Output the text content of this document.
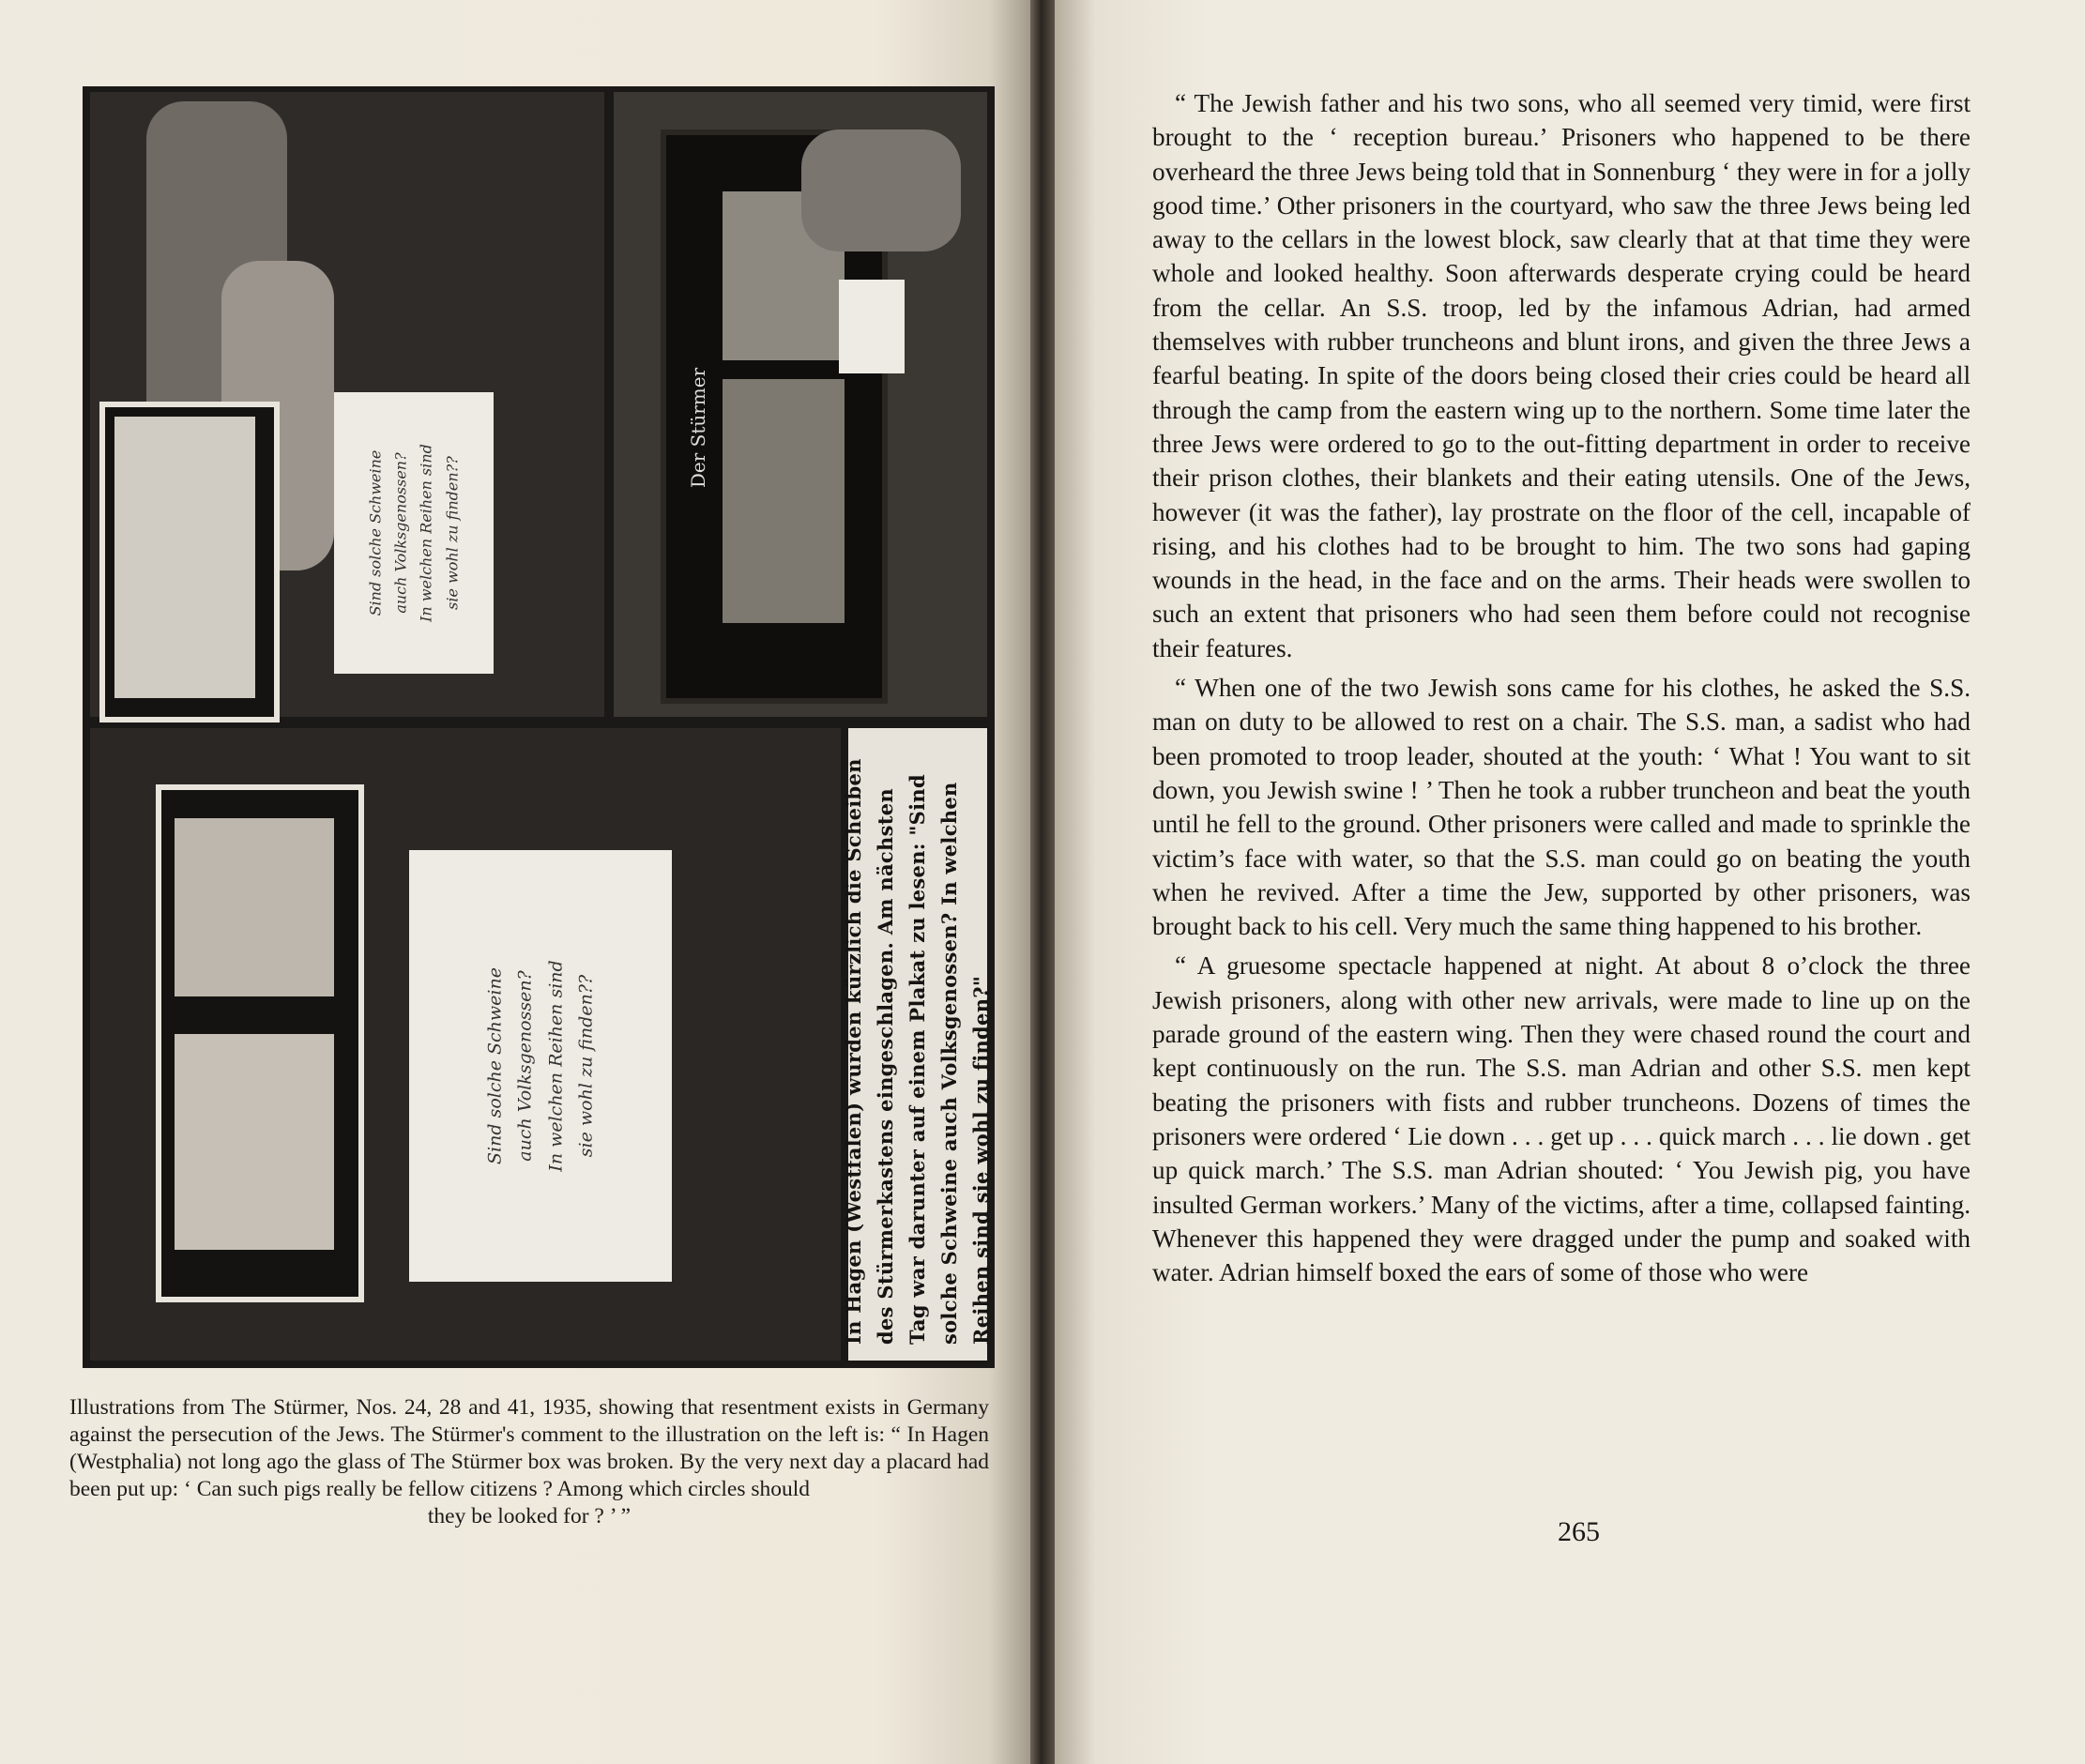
Sind solche Schweine auch Volksgenossen? In welchen Reihen sind sie wohl zu finden??
Der Stürmer
Sind solche Schweine auch Volksgenossen? In welchen Reihen sind sie wohl zu finden??	In Hagen (Westfalen) wurden kürzlich die Scheiben des Stürmerkastens eingeschlagen. Am nächsten Tag war darunter auf einem Plakat zu lesen: "Sind solche Schweine auch Volksgenossen? In welchen Reihen sind sie wohl zu finden?"
Illustrations from The Stürmer, Nos. 24, 28 and 41, 1935, showing that resentment exists in Germany against the persecution of the Jews. The Stürmer's comment to the illustration on the left is: “ In Hagen (Westphalia) not long ago the glass of The Stürmer box was broken. By the very next day a placard had been put up: ‘ Can such pigs really be fellow citizens ? Among which circles should
they be looked for ? ’ ”

“ The Jewish father and his two sons, who all seemed very timid, were first brought to the ‘ reception bureau.’ Prisoners who happened to be there overheard the three Jews being told that in Sonnenburg ‘ they were in for a jolly good time.’ Other prisoners in the courtyard, who saw the three Jews being led away to the cellars in the lowest block, saw clearly that at that time they were whole and looked healthy. Soon afterwards desperate crying could be heard from the cellar. An S.S. troop, led by the infamous Adrian, had armed themselves with rubber truncheons and blunt irons, and given the three Jews a fearful beating. In spite of the doors being closed their cries could be heard all through the camp from the eastern wing up to the northern. Some time later the three Jews were ordered to go to the out-fitting department in order to receive their prison clothes, their blankets and their eating utensils. One of the Jews, however (it was the father), lay prostrate on the floor of the cell, incapable of rising, and his clothes had to be brought to him. The two sons had gaping wounds in the head, in the face and on the arms. Their heads were swollen to such an extent that prisoners who had seen them before could not recognise their features.

“ When one of the two Jewish sons came for his clothes, he asked the S.S. man on duty to be allowed to rest on a chair. The S.S. man, a sadist who had been promoted to troop leader, shouted at the youth: ‘ What ! You want to sit down, you Jewish swine ! ’ Then he took a rubber truncheon and beat the youth until he fell to the ground. Other prisoners were called and made to sprinkle the victim’s face with water, so that the S.S. man could go on beating the youth when he revived. After a time the Jew, supported by other prisoners, was brought back to his cell. Very much the same thing happened to his brother.

“ A gruesome spectacle happened at night. At about 8 o’clock the three Jewish prisoners, along with other new arrivals, were made to line up on the parade ground of the eastern wing. Then they were chased round the court and kept continuously on the run. The S.S. man Adrian and other S.S. men kept beating the prisoners with fists and rubber truncheons. Dozens of times the prisoners were ordered ‘ Lie down . . . get up . . . quick march . . . lie down . get up quick march.’ The S.S. man Adrian shouted: ‘ You Jewish pig, you have insulted German workers.’ Many of the victims, after a time, collapsed fainting. Whenever this happened they were dragged under the pump and soaked with water. Adrian himself boxed the ears of some of those who were

265
